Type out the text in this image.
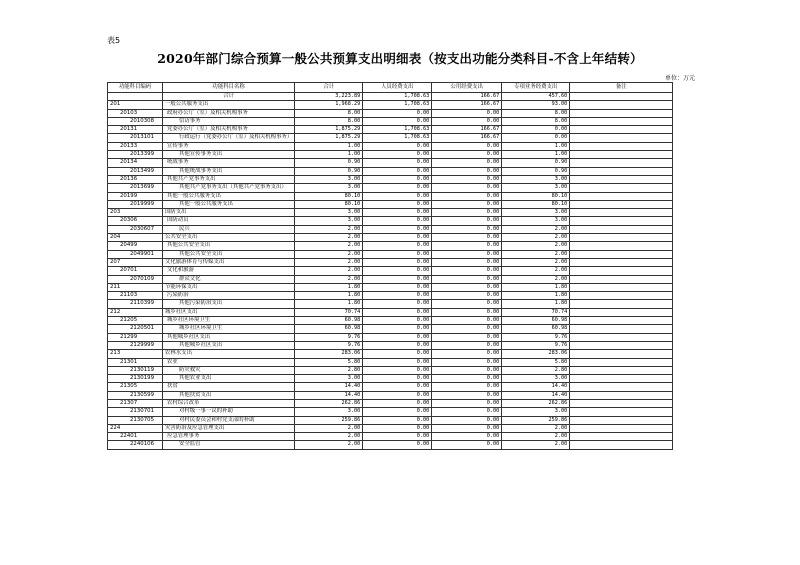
表5
2020年部门综合预算一般公共预算支出明细表（按支出功能分类科目-不含上年结转）
单位：万元
功能科目编码	功能科目名称	合计	人员经费支出	公用经费支出	专项业务经费支出	备注
	合计	3,223.89	1,708.63	166.67	457.60	
201	一般公共服务支出	1,968.29	1,708.63	166.67	93.00	
20103	政府办公厅（室）及相关机构事务	8.00	0.00	0.00	8.00	
2010308	信访事务	8.00	0.00	0.00	8.00	
20131	党委办公厅（室）及相关机构事务	1,875.29	1,708.63	166.67	0.00	
2013101	行政运行（党委办公厅（室）及相关机构事务）	1,875.29	1,708.63	166.67	0.00	
20133	宣传事务	1.00	0.00	0.00	1.00	
2013399	其他宣传事务支出	1.00	0.00	0.00	1.00	
20134	统战事务	0.90	0.00	0.00	0.90	
2013499	其他统战事务支出	0.90	0.00	0.00	0.90	
20136	其他共产党事务支出	3.00	0.00	0.00	3.00	
2013699	其他共产党事务支出（其他共产党事务支出）	3.00	0.00	0.00	3.00	
20199	其他一般公共服务支出	80.10	0.00	0.00	80.10	
2019999	其他一般公共服务支出	80.10	0.00	0.00	80.10	
203	国防支出	3.00	0.00	0.00	3.00	
20306	国防动员	3.00	0.00	0.00	3.00	
2030607	民兵	2.00	0.00	0.00	2.00	
204	公共安全支出	2.00	0.00	0.00	2.00	
20499	其他公共安全支出	2.00	0.00	0.00	2.00	
2049901	其他公共安全支出	2.00	0.00	0.00	2.00	
207	文化旅游体育与传媒支出	2.00	0.00	0.00	2.00	
20701	文化和旅游	2.00	0.00	0.00	2.00	
2070109	群众文化	2.00	0.00	0.00	2.00	
211	节能环保支出	1.80	0.00	0.00	1.80	
21103	污染防治	1.80	0.00	0.00	1.80	
2110399	其他污染防治支出	1.80	0.00	0.00	1.80	
212	城乡社区支出	70.74	0.00	0.00	70.74	
21205	城乡社区环境卫生	60.98	0.00	0.00	60.98	
2120501	城乡社区环境卫生	60.98	0.00	0.00	60.98	
21299	其他城乡社区支出	9.76	0.00	0.00	9.76	
2129999	其他城乡社区支出	9.76	0.00	0.00	9.76	
213	农林水支出	283.06	0.00	0.00	283.06	
21301	农业	5.80	0.00	0.00	5.80	
2130119	防灾救灾	2.80	0.00	0.00	2.80	
2130199	其他农业支出	3.00	0.00	0.00	3.00	
21305	扶贫	14.40	0.00	0.00	14.40	
2130599	其他扶贫支出	14.40	0.00	0.00	14.40	
21307	农村综合改革	262.86	0.00	0.00	262.86	
2130701	对村级一事一议的补助	3.00	0.00	0.00	3.00	
2130705	对村民委员会和村党支部的补助	259.86	0.00	0.00	259.86	
224	灾害防治及应急管理支出	2.00	0.00	0.00	2.00	
22401	应急管理事务	2.00	0.00	0.00	2.00	
2240106	安全监管	2.00	0.00	0.00	2.00	
